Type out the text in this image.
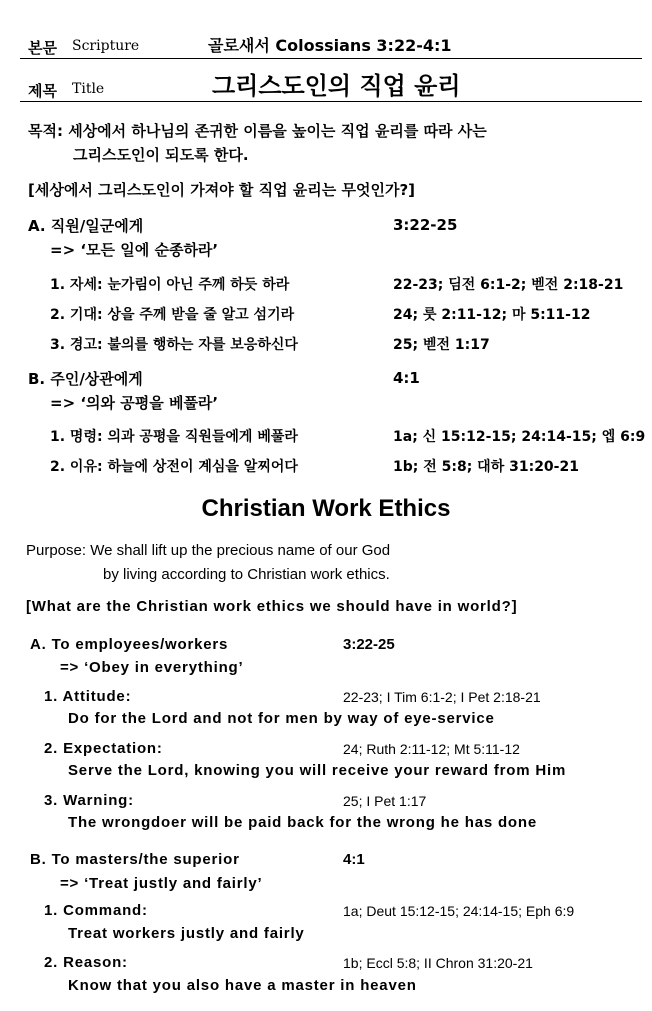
본문 Scripture	골로새서 Colossians 3:22-4:1
제목 Title	그리스도인의 직업 윤리
목적: 세상에서 하나님의 존귀한 이름을 높이는 직업 윤리를 따라 사는
그리스도인이 되도록 한다.
[세상에서 그리스도인이 가져야 할 직업 윤리는 무엇인가?]
A. 직원/일군에게	3:22-25
=> ‘모든 일에 순종하라’
1. 자세: 눈가림이 아닌 주께 하듯 하라	22-23; 딤전 6:1-2; 벧전 2:18-21
2. 기대: 상을 주께 받을 줄 알고 섬기라	24; 룻 2:11-12; 마 5:11-12
3. 경고: 불의를 행하는 자를 보응하신다	25; 벧전 1:17
B. 주인/상관에게	4:1
=> ‘의와 공평을 베풀라’
1. 명령: 의과 공평을 직원들에게 베풀라	1a; 신 15:12-15; 24:14-15; 엡 6:9
2. 이유: 하늘에 상전이 계심을 알찌어다	1b; 전 5:8; 대하 31:20-21
Christian Work Ethics
Purpose: We shall lift up the precious name of our God
by living according to Christian work ethics.
[What are the Christian work ethics we should have in world?]
A. To employees/workers	3:22-25
=> ‘Obey in everything’
1. Attitude:	22-23; I Tim 6:1-2; I Pet 2:18-21
Do for the Lord and not for men by way of eye-service
2. Expectation:	24; Ruth 2:11-12; Mt 5:11-12
Serve the Lord, knowing you will receive your reward from Him
3. Warning:	25; I Pet 1:17
The wrongdoer will be paid back for the wrong he has done
B. To masters/the superior	4:1
=> ‘Treat justly and fairly’
1. Command:	1a; Deut 15:12-15; 24:14-15; Eph 6:9
Treat workers justly and fairly
2. Reason:	1b; Eccl 5:8; II Chron 31:20-21
Know that you also have a master in heaven
